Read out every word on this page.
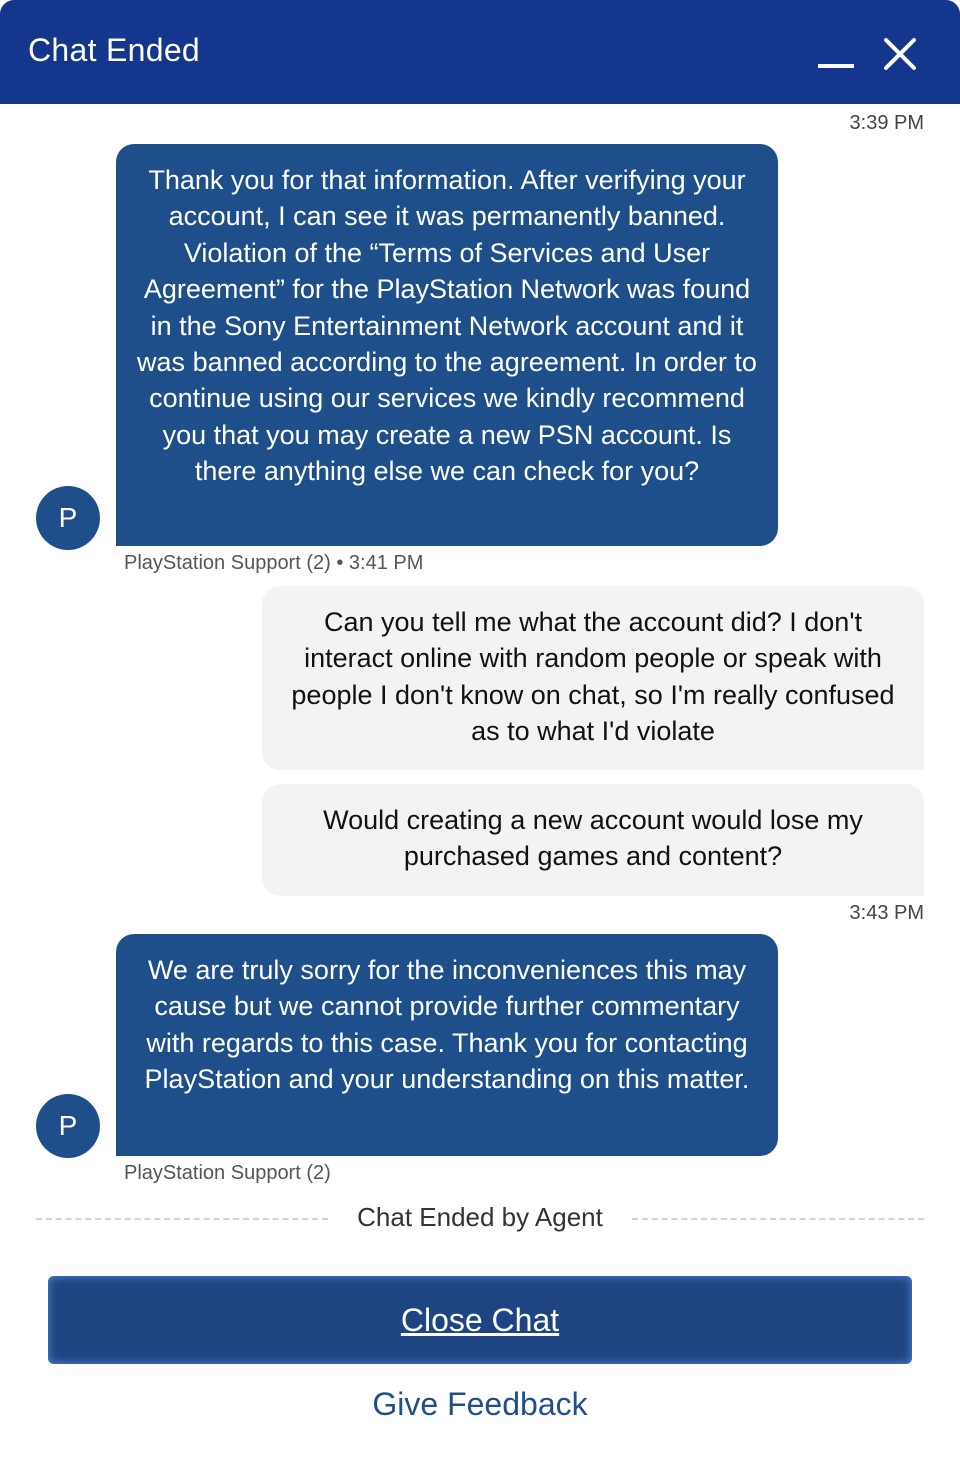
Chat Ended
3:39 PM
Thank you for that information. After verifying your account, I can see it was permanently banned. Violation of the “Terms of Services and User Agreement” for the PlayStation Network was found in the Sony Entertainment Network account and it was banned according to the agreement. In order to continue using our services we kindly recommend you that you may create a new PSN account. Is there anything else we can check for you?
P
PlayStation Support (2) • 3:41 PM
Can you tell me what the account did? I don't interact online with random people or speak with people I don't know on chat, so I'm really confused as to what I'd violate
Would creating a new account would lose my purchased games and content?
3:43 PM
We are truly sorry for the inconveniences this may cause but we cannot provide further commentary with regards to this case. Thank you for contacting PlayStation and your understanding on this matter.
P
PlayStation Support (2)
Chat Ended by Agent
Close Chat
Give Feedback
